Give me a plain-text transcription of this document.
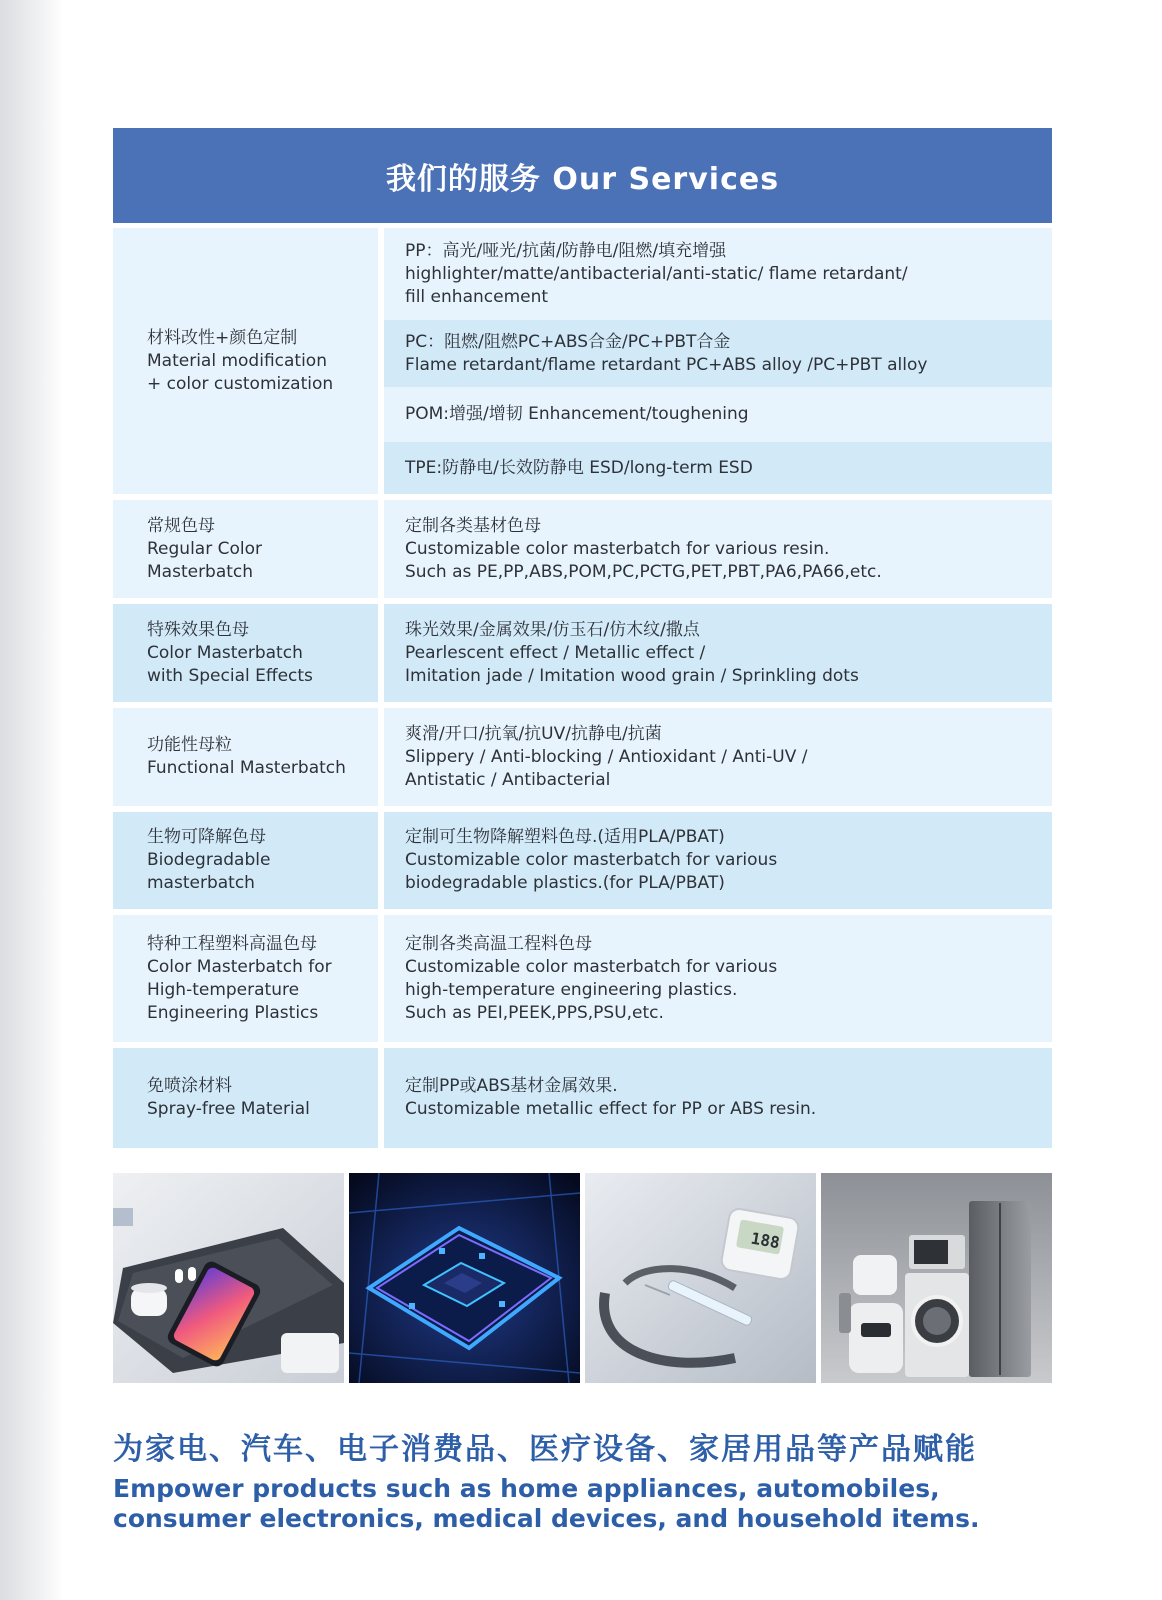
我们的服务 Our Services
材料改性+颜色定制
Material modification
+ color customization
PP：高光/哑光/抗菌/防静电/阻燃/填充增强
highlighter/matte/antibacterial/anti-static/ flame retardant/
fill enhancement
PC：阻燃/阻燃PC+ABS合金/PC+PBT合金
Flame retardant/flame retardant PC+ABS alloy /PC+PBT alloy
POM:增强/增韧 Enhancement/toughening
TPE:防静电/长效防静电 ESD/long-term ESD
常规色母
Regular Color
Masterbatch
定制各类基材色母
Customizable color masterbatch for various resin.
Such as PE,PP,ABS,POM,PC,PCTG,PET,PBT,PA6,PA66,etc.
特殊效果色母
Color Masterbatch
with Special Effects
珠光效果/金属效果/仿玉石/仿木纹/撒点
Pearlescent effect / Metallic effect /
Imitation jade / Imitation wood grain / Sprinkling dots
功能性母粒
Functional Masterbatch
爽滑/开口/抗氧/抗UV/抗静电/抗菌
Slippery / Anti-blocking / Antioxidant / Anti-UV /
Antistatic / Antibacterial
生物可降解色母
Biodegradable
masterbatch
定制可生物降解塑料色母.(适用PLA/PBAT)
Customizable color masterbatch for various
biodegradable plastics.(for PLA/PBAT)
特种工程塑料高温色母
Color Masterbatch for
High-temperature
Engineering Plastics
定制各类高温工程料色母
Customizable color masterbatch for various
high-temperature engineering plastics.
Such as PEI,PEEK,PPS,PSU,etc.
免喷涂材料
Spray-free Material
定制PP或ABS基材金属效果.
Customizable metallic effect for PP or ABS resin.
188
为家电、汽车、电子消费品、医疗设备、家居用品等产品赋能
Empower products such as home appliances, automobiles,
consumer electronics, medical devices, and household items.
